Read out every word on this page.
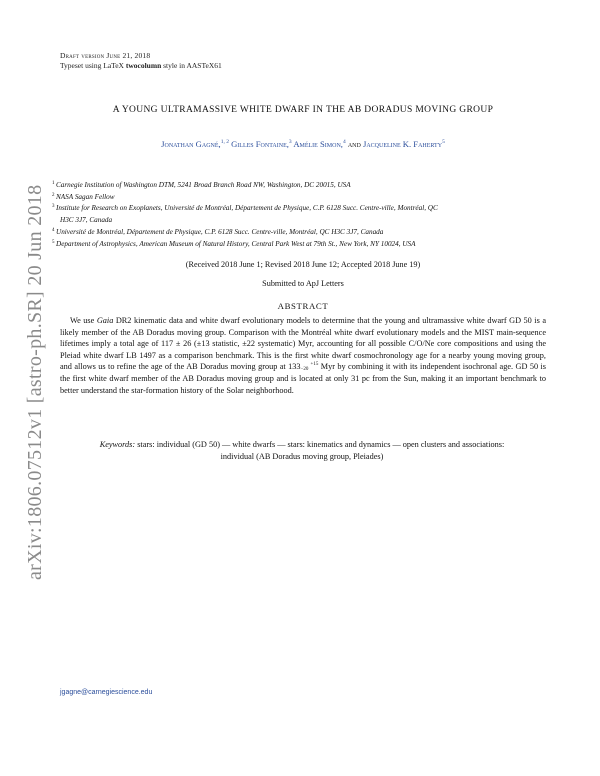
Draft version June 21, 2018
Typeset using LaTeX twocolumn style in AASTeX61
arXiv:1806.07512v1 [astro-ph.SR] 20 Jun 2018
A YOUNG ULTRAMASSIVE WHITE DWARF IN THE AB DORADUS MOVING GROUP
Jonathan Gagné,$^{1, 2}$ Gilles Fontaine,$^3$ Amélie Simon,$^4$ and Jacqueline K. Faherty$^5$
1 Carnegie Institution of Washington DTM, 5241 Broad Branch Road NW, Washington, DC 20015, USA
2 NASA Sagan Fellow
3 Institute for Research on Exoplanets, Université de Montréal, Département de Physique, C.P. 6128 Succ. Centre-ville, Montréal, QC
H3C 3J7, Canada
4 Université de Montréal, Département de Physique, C.P. 6128 Succ. Centre-ville, Montréal, QC H3C 3J7, Canada
5 Department of Astrophysics, American Museum of Natural History, Central Park West at 79th St., New York, NY 10024, USA
(Received 2018 June 1; Revised 2018 June 12; Accepted 2018 June 19)
Submitted to ApJ Letters
ABSTRACT
We use Gaia DR2 kinematic data and white dwarf evolutionary models to determine that the young and ultramassive white dwarf GD 50 is a likely member of the AB Doradus moving group. Comparison with the Montréal white dwarf evolutionary models and the MIST main-sequence lifetimes imply a total age of 117 ± 26 (±13 statistic, ±22 systematic) Myr, accounting for all possible C/O/Ne core compositions and using the Pleiad white dwarf LB 1497 as a comparison benchmark. This is the first white dwarf cosmochronology age for a nearby young moving group, and allows us to refine the age of the AB Doradus moving group at 133 +15
−20 Myr by combining it with its independent isochronal age. GD 50 is the first white dwarf member of the AB Doradus moving group and is located at only 31 pc from the Sun, making it an important benchmark to better understand the star-formation history of the Solar neighborhood.
Keywords: stars: individual (GD 50) — white dwarfs — stars: kinematics and dynamics — open clusters and associations: individual (AB Doradus moving group, Pleiades)
jgagne@carnegiescience.edu
